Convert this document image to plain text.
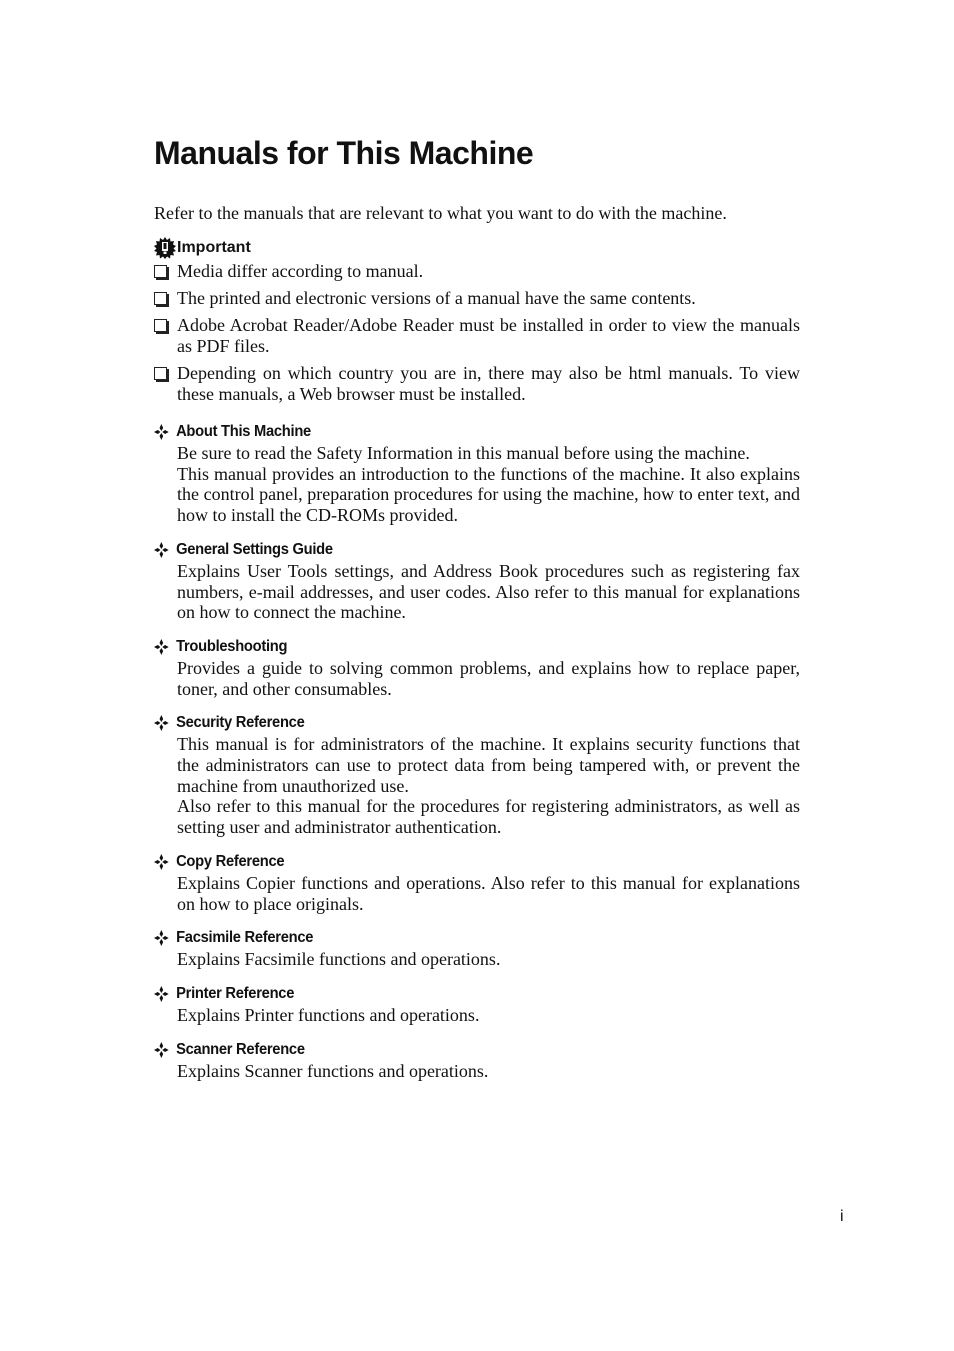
Manuals for This Machine

Refer to the manuals that are relevant to what you want to do with the machine.

Important
Media differ according to manual.
The printed and electronic versions of a manual have the same contents.
Adobe Acrobat Reader/Adobe Reader must be installed in order to view the manuals as PDF files.
Depending on which country you are in, there may also be html manuals. To view these manuals, a Web browser must be installed.
About This Machine

Be sure to read the Safety Information in this manual before using the machine.

This manual provides an introduction to the functions of the machine. It also explains the control panel, preparation procedures for using the machine, how to enter text, and how to install the CD-ROMs provided.

General Settings Guide

Explains User Tools settings, and Address Book procedures such as registering fax numbers, e-mail addresses, and user codes. Also refer to this manual for explanations on how to connect the machine.

Troubleshooting

Provides a guide to solving common problems, and explains how to replace paper, toner, and other consumables.

Security Reference

This manual is for administrators of the machine. It explains security functions that the administrators can use to protect data from being tampered with, or prevent the machine from unauthorized use.

Also refer to this manual for the procedures for registering administrators, as well as setting user and administrator authentication.

Copy Reference

Explains Copier functions and operations. Also refer to this manual for explanations on how to place originals.

Facsimile Reference

Explains Facsimile functions and operations.

Printer Reference

Explains Printer functions and operations.

Scanner Reference

Explains Scanner functions and operations.

i
